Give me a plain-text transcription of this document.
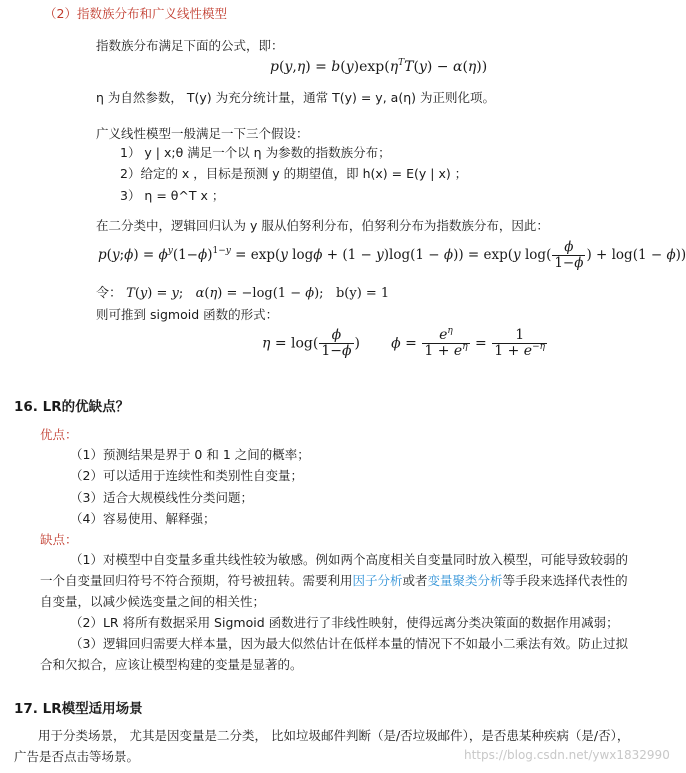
（2）指数族分布和广义线性模型
指数族分布满足下面的公式，即：
$p(y,\eta) = b(y)\exp(\eta^TT(y) - \alpha(\eta))$
η 为自然参数， T(y) 为充分统计量，通常 T(y) = y, a(η) 为正则化项。
广义线性模型一般满足一下三个假设：
1） y | x;θ 满足一个以 η 为参数的指数族分布；
2）给定的 x ，目标是预测 y 的期望值，即 h(x) = E(y | x) ；
3） η = θ^T x ；
在二分类中，逻辑回归认为 y 服从伯努利分布，伯努利分布为指数族分布，因此：
p(y;ϕ) = $\phi^y(1-\phi)^{1-y} = \exp(y$ logϕ + (1 − y)log(1 − ϕ)) = exp(y $\log( \frac{\phi}{1-\phi}$ ) + log(1 − ϕ))
令： T(y) = y;   α(η) = −log(1 − ϕ);   b(y) = 1
则可推到 sigmoid 函数的形式：
$\eta = \log( \frac{\phi}{1-\phi}$ )       $\phi = \frac{e^\eta}{1 + e^\eta} = \frac{1}{1 + e^{-\eta}}$
16. LR的优缺点？
优点：
（1）预测结果是界于 0 和 1 之间的概率；
（2）可以适用于连续性和类别性自变量；
（3）适合大规模线性分类问题；
（4）容易使用、解释强；
缺点：
（1）对模型中自变量多重共线性较为敏感。例如两个高度相关自变量同时放入模型，可能导致较弱的一个自变量回归符号不符合预期，符号被扭转。需要利用因子分析或者变量聚类分析等手段来选择代表性的自变量，以减少候选变量之间的相关性；
（2）LR 将所有数据采用 Sigmoid 函数进行了非线性映射，使得远离分类决策面的数据作用减弱；
（3）逻辑回归需要大样本量，因为最大似然估计在低样本量的情况下不如最小二乘法有效。防止过拟合和欠拟合，应该让模型构建的变量是显著的。
17. LR模型适用场景
用于分类场景， 尤其是因变量是二分类， 比如垃圾邮件判断（是/否垃圾邮件），是否患某种疾病（是/否），广告是否点击等场景。	https://blog.csdn.net/ywx1832990
